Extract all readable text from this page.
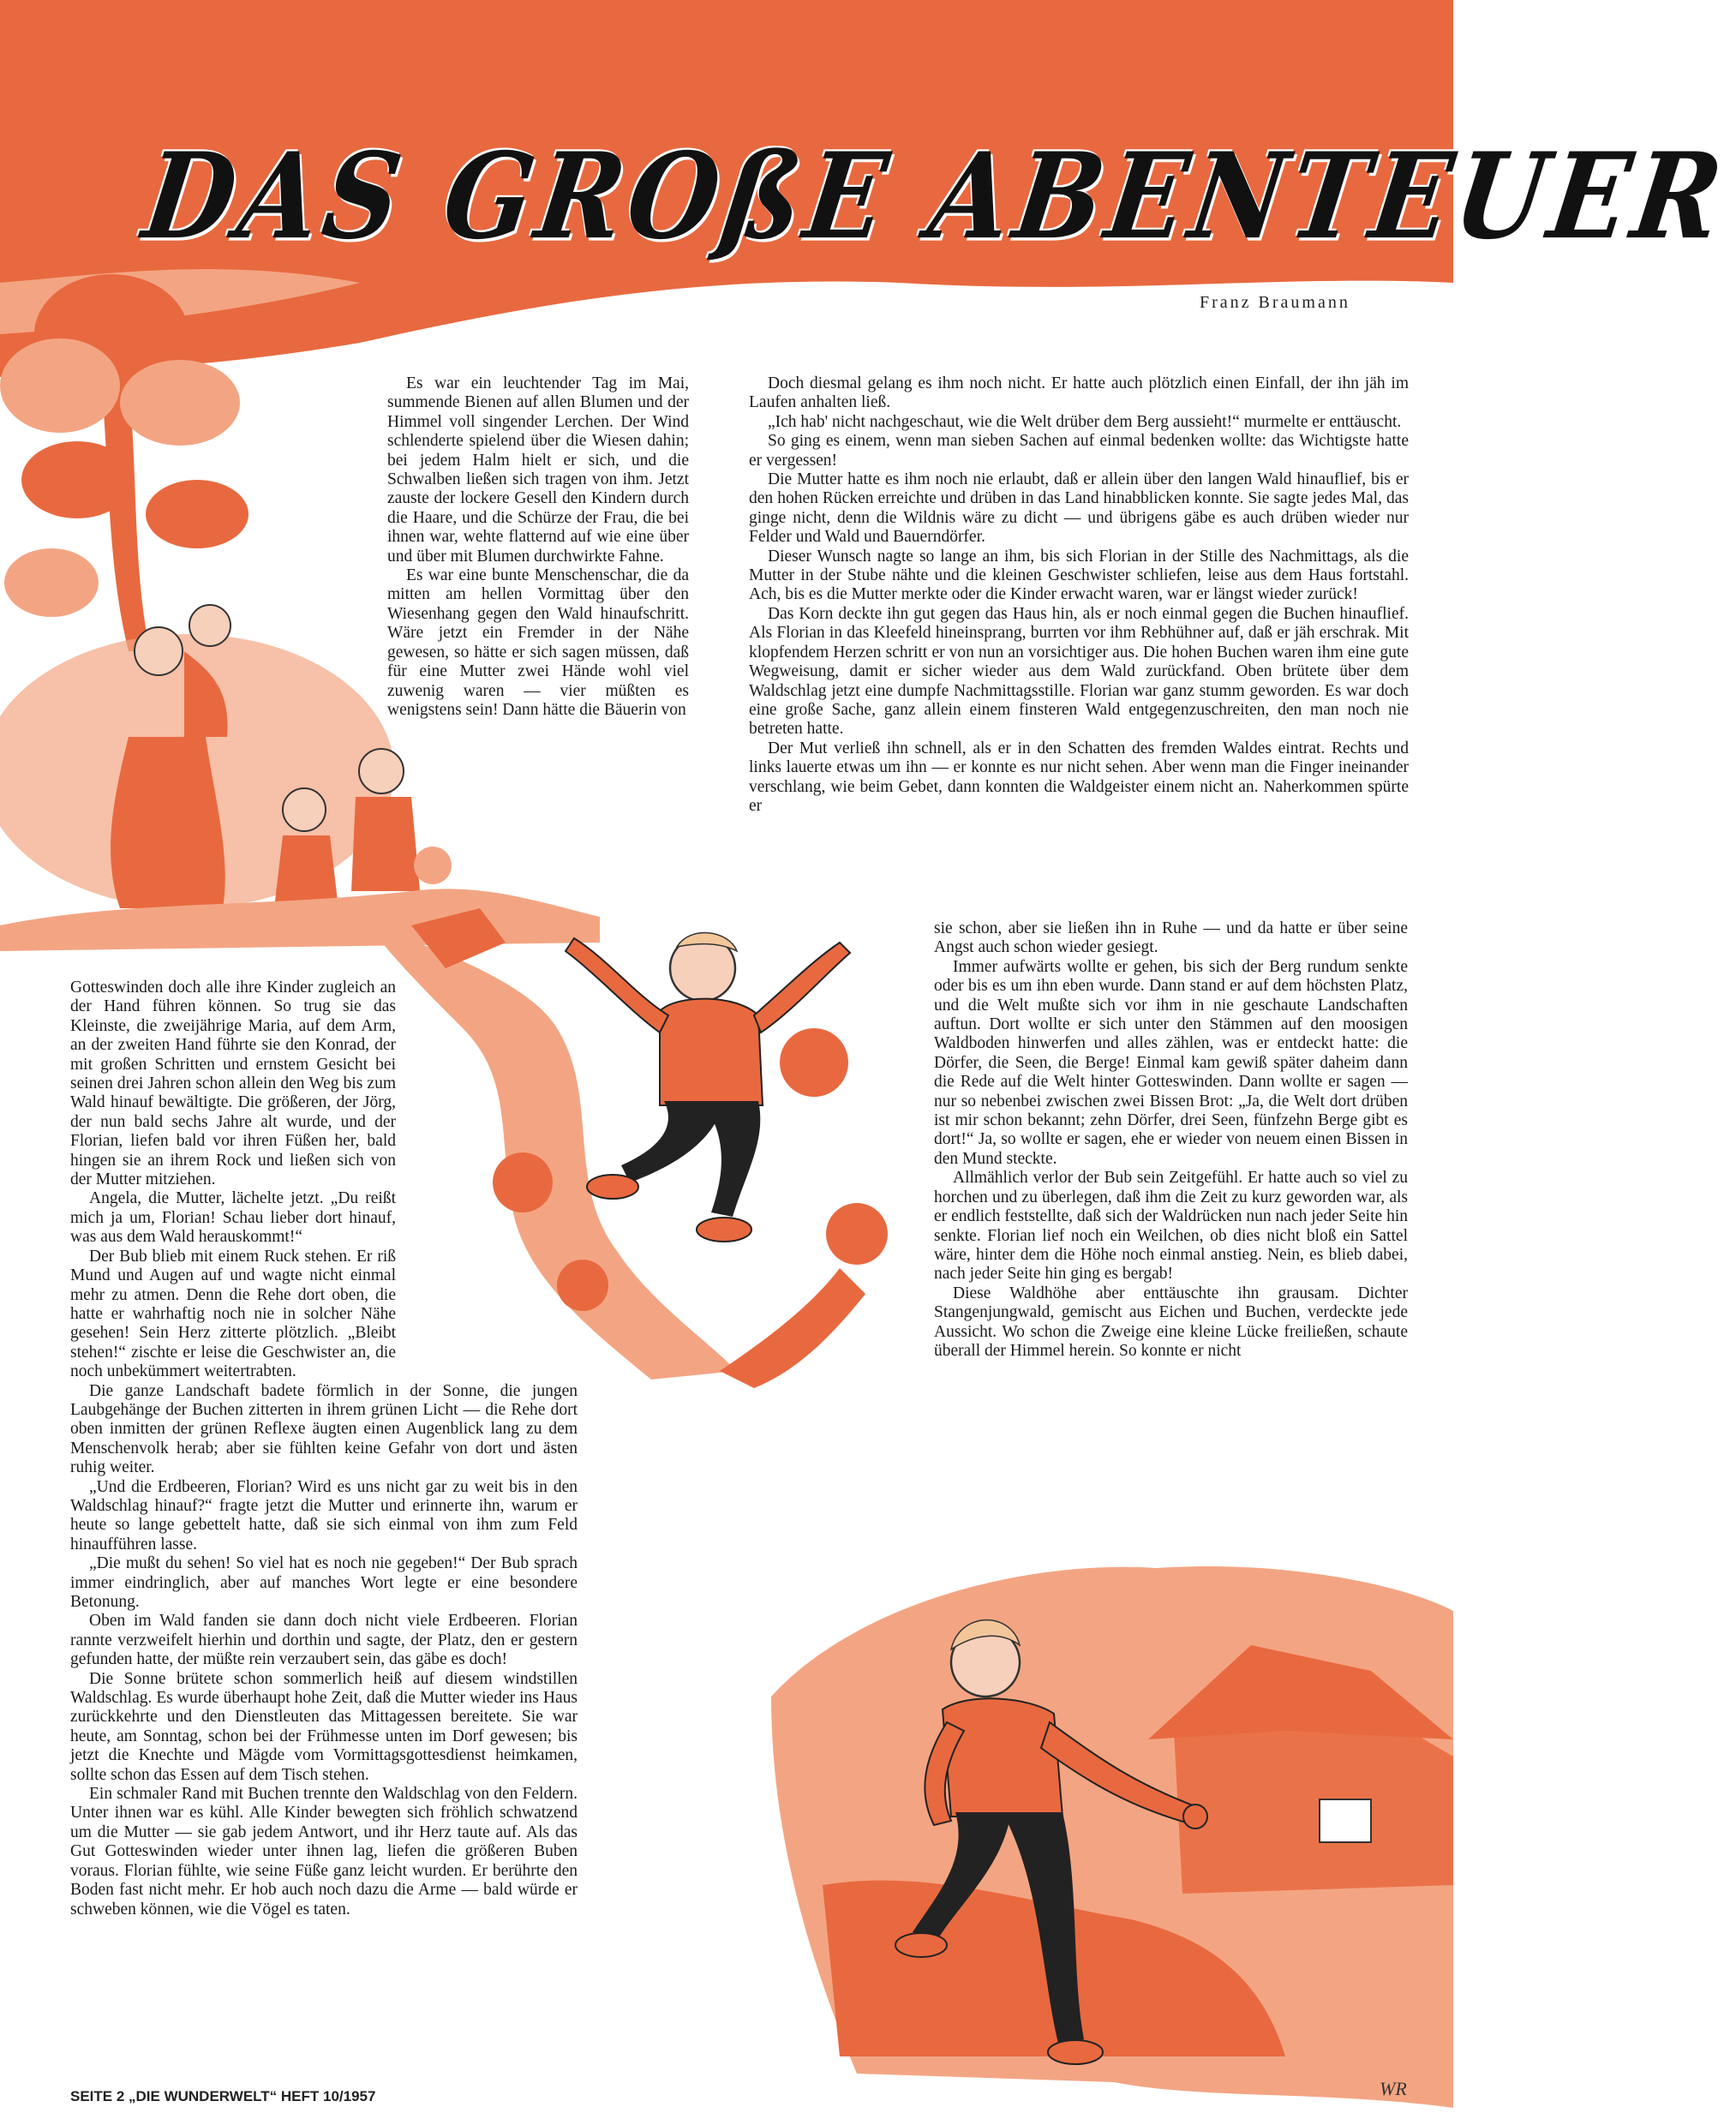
DAS GROßE ABENTEUER
Franz Braumann

Es war ein leuchtender Tag im Mai, summende Bienen auf allen Blumen und der Himmel voll singender Lerchen. Der Wind schlenderte spielend über die Wiesen dahin; bei jedem Halm hielt er sich, und die Schwalben ließen sich tragen von ihm. Jetzt zauste der lockere Gesell den Kindern durch die Haare, und die Schürze der Frau, die bei ihnen war, wehte flatternd auf wie eine über und über mit Blumen durchwirkte Fahne.

Es war eine bunte Menschenschar, die da mitten am hellen Vormittag über den Wiesenhang gegen den Wald hinaufschritt. Wäre jetzt ein Fremder in der Nähe gewesen, so hätte er sich sagen müssen, daß für eine Mutter zwei Hände wohl viel zuwenig waren — vier müßten es wenigstens sein! Dann hätte die Bäuerin von

Gotteswinden doch alle ihre Kinder zugleich an der Hand führen können. So trug sie das Kleinste, die zweijährige Maria, auf dem Arm, an der zweiten Hand führte sie den Konrad, der mit großen Schritten und ernstem Gesicht bei seinen drei Jahren schon allein den Weg bis zum Wald hinauf bewältigte. Die größeren, der Jörg, der nun bald sechs Jahre alt wurde, und der Florian, liefen bald vor ihren Füßen her, bald hingen sie an ihrem Rock und ließen sich von der Mutter mitziehen.

Angela, die Mutter, lächelte jetzt. „Du reißt mich ja um, Florian! Schau lieber dort hinauf, was aus dem Wald herauskommt!“

Der Bub blieb mit einem Ruck stehen. Er riß Mund und Augen auf und wagte nicht einmal mehr zu atmen. Denn die Rehe dort oben, die hatte er wahrhaftig noch nie in solcher Nähe gesehen! Sein Herz zitterte plötzlich. „Bleibt stehen!“ zischte er leise die Geschwister an, die noch unbekümmert weitertrabten.

Die ganze Landschaft badete förmlich in der Sonne, die jungen Laubgehänge der Buchen zitterten in ihrem grünen Licht — die Rehe dort oben inmitten der grünen Reflexe äugten einen Augenblick lang zu dem Menschenvolk herab; aber sie fühlten keine Gefahr von dort und ästen ruhig weiter.

„Und die Erdbeeren, Florian? Wird es uns nicht gar zu weit bis in den Waldschlag hinauf?“ fragte jetzt die Mutter und erinnerte ihn, warum er heute so lange gebettelt hatte, daß sie sich einmal von ihm zum Feld hinaufführen lasse.

„Die mußt du sehen! So viel hat es noch nie gegeben!“ Der Bub sprach immer eindringlich, aber auf manches Wort legte er eine besondere Betonung.

Oben im Wald fanden sie dann doch nicht viele Erdbeeren. Florian rannte verzweifelt hierhin und dorthin und sagte, der Platz, den er gestern gefunden hatte, der müßte rein verzaubert sein, das gäbe es doch!

Die Sonne brütete schon sommerlich heiß auf diesem windstillen Waldschlag. Es wurde überhaupt hohe Zeit, daß die Mutter wieder ins Haus zurückkehrte und den Dienstleuten das Mittagessen bereitete. Sie war heute, am Sonntag, schon bei der Frühmesse unten im Dorf gewesen; bis jetzt die Knechte und Mägde vom Vormittagsgottesdienst heimkamen, sollte schon das Essen auf dem Tisch stehen.

Ein schmaler Rand mit Buchen trennte den Waldschlag von den Feldern. Unter ihnen war es kühl. Alle Kinder bewegten sich fröhlich schwatzend um die Mutter — sie gab jedem Antwort, und ihr Herz taute auf. Als das Gut Gotteswinden wieder unter ihnen lag, liefen die größeren Buben voraus. Florian fühlte, wie seine Füße ganz leicht wurden. Er berührte den Boden fast nicht mehr. Er hob auch noch dazu die Arme — bald würde er schweben können, wie die Vögel es taten.

Doch diesmal gelang es ihm noch nicht. Er hatte auch plötzlich einen Einfall, der ihn jäh im Laufen anhalten ließ.

„Ich hab' nicht nachgeschaut, wie die Welt drüber dem Berg aussieht!“ murmelte er enttäuscht.

So ging es einem, wenn man sieben Sachen auf einmal bedenken wollte: das Wichtigste hatte er vergessen!

Die Mutter hatte es ihm noch nie erlaubt, daß er allein über den langen Wald hinauflief, bis er den hohen Rücken erreichte und drüben in das Land hinabblicken konnte. Sie sagte jedes Mal, das ginge nicht, denn die Wildnis wäre zu dicht — und übrigens gäbe es auch drüben wieder nur Felder und Wald und Bauerndörfer.

Dieser Wunsch nagte so lange an ihm, bis sich Florian in der Stille des Nachmittags, als die Mutter in der Stube nähte und die kleinen Geschwister schliefen, leise aus dem Haus fortstahl. Ach, bis es die Mutter merkte oder die Kinder erwacht waren, war er längst wieder zurück!

Das Korn deckte ihn gut gegen das Haus hin, als er noch einmal gegen die Buchen hinauflief. Als Florian in das Kleefeld hineinsprang, burrten vor ihm Rebhühner auf, daß er jäh erschrak. Mit klopfendem Herzen schritt er von nun an vorsichtiger aus. Die hohen Buchen waren ihm eine gute Wegweisung, damit er sicher wieder aus dem Wald zurückfand. Oben brütete über dem Waldschlag jetzt eine dumpfe Nachmittagsstille. Florian war ganz stumm geworden. Es war doch eine große Sache, ganz allein einem finsteren Wald entgegenzuschreiten, den man noch nie betreten hatte.

Der Mut verließ ihn schnell, als er in den Schatten des fremden Waldes eintrat. Rechts und links lauerte etwas um ihn — er konnte es nur nicht sehen. Aber wenn man die Finger ineinander verschlang, wie beim Gebet, dann konnten die Waldgeister einem nicht an. Naherkommen spürte er

sie schon, aber sie ließen ihn in Ruhe — und da hatte er über seine Angst auch schon wieder gesiegt.

Immer aufwärts wollte er gehen, bis sich der Berg rundum senkte oder bis es um ihn eben wurde. Dann stand er auf dem höchsten Platz, und die Welt mußte sich vor ihm in nie geschaute Landschaften auftun. Dort wollte er sich unter den Stämmen auf den moosigen Waldboden hinwerfen und alles zählen, was er entdeckt hatte: die Dörfer, die Seen, die Berge! Einmal kam gewiß später daheim dann die Rede auf die Welt hinter Gotteswinden. Dann wollte er sagen — nur so nebenbei zwischen zwei Bissen Brot: „Ja, die Welt dort drüben ist mir schon bekannt; zehn Dörfer, drei Seen, fünfzehn Berge gibt es dort!“ Ja, so wollte er sagen, ehe er wieder von neuem einen Bissen in den Mund steckte.

Allmählich verlor der Bub sein Zeitgefühl. Er hatte auch so viel zu horchen und zu überlegen, daß ihm die Zeit zu kurz geworden war, als er endlich feststellte, daß sich der Waldrücken nun nach jeder Seite hin senkte. Florian lief noch ein Weilchen, ob dies nicht bloß ein Sattel wäre, hinter dem die Höhe noch einmal anstieg. Nein, es blieb dabei, nach jeder Seite hin ging es bergab!

Diese Waldhöhe aber enttäuschte ihn grausam. Dichter Stangenjungwald, gemischt aus Eichen und Buchen, verdeckte jede Aussicht. Wo schon die Zweige eine kleine Lücke freiließen, schaute überall der Himmel herein. So konnte er nicht

SEITE 2 „DIE WUNDERWELT“ HEFT 10/1957	WR
